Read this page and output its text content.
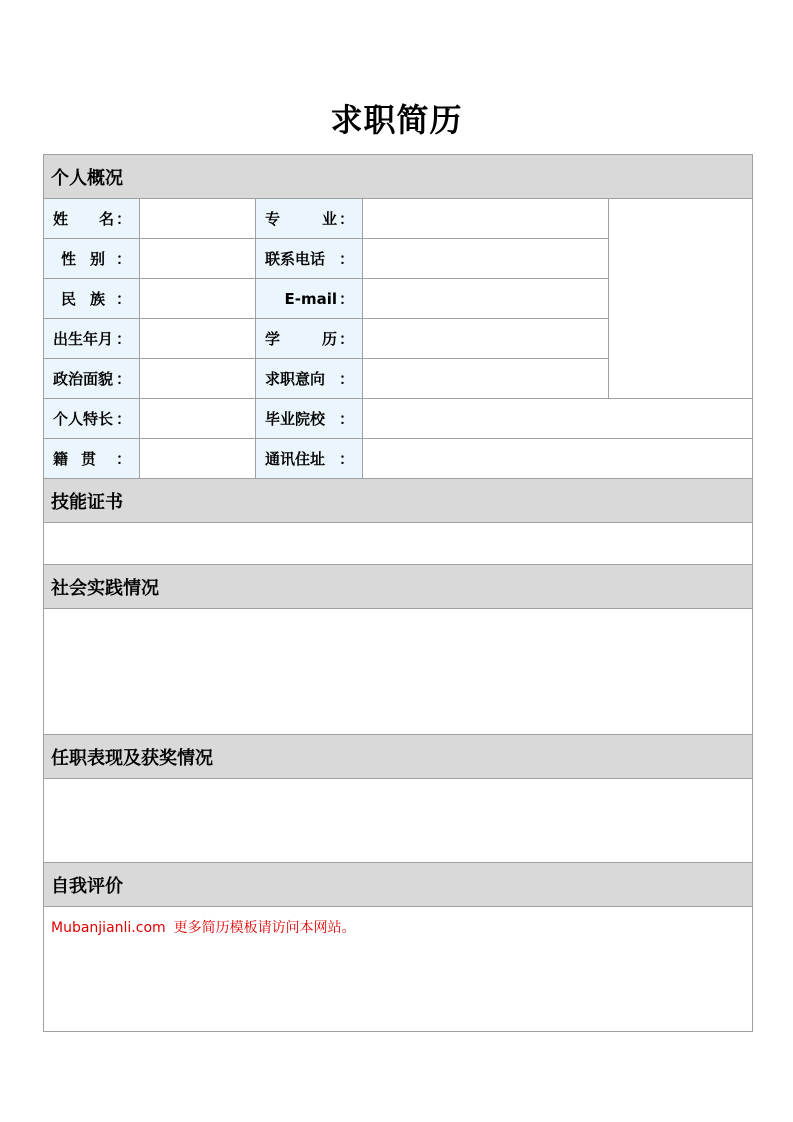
求职简历
个人概况				

姓 名 ：		专 业 ：		

性 别 ：		联系电话 ：		

民 族 ：		E-mail ：		

出生年月 ：		学 历 ：		

政治面貌 ：		求职意向 ：		

个人特长 ：		毕业院校 ：		

籍 贯 ：		通讯住址 ：		

技能证书				

社会实践情况				

任职表现及获奖情况				

自我评价				

Mubanjianli.com 更多简历模板请访问本网站。				
